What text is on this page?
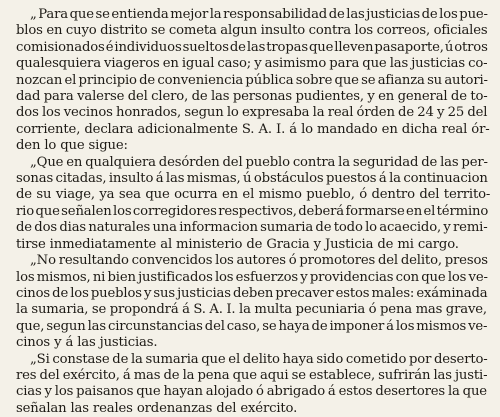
„ Para que se entienda mejor la responsabilidad de las justicias de los pue-
blos en cuyo distrito se cometa algun insulto contra los correos, oficiales
comisionados é individuos sueltos de las tropas que lleven pasaporte, ú otros
qualesquiera viageros en igual caso; y asimismo para que las justicias co-
nozcan el principio de conveniencia pública sobre que se afianza su autori-
dad para valerse del clero, de las personas pudientes, y en general de to-
dos los vecinos honrados, segun lo expresaba la real órden de 24 y 25 del
corriente, declara adicionalmente S. A. I. á lo mandado en dicha real ór-
den lo que sigue:
„Que en qualquiera desórden del pueblo contra la seguridad de las per-
sonas citadas, insulto á las mismas, ú obstáculos puestos á la continuacion
de su viage, ya sea que ocurra en el mismo pueblo, ó dentro del territo-
rio que señalen los corregidores respectivos, deberá formarse en el término
de dos dias naturales una informacion sumaria de todo lo acaecido, y remi-
tirse inmediatamente al ministerio de Gracia y Justicia de mi cargo.
„No resultando convencidos los autores ó promotores del delito, presos
los mismos, ni bien justificados los esfuerzos y providencias con que los ve-
cinos de los pueblos y sus justicias deben precaver estos males: exáminada
la sumaria, se propondrá á S. A. I. la multa pecuniaria ó pena mas grave,
que, segun las circunstancias del caso, se haya de imponer á los mismos ve-
cinos y á las justicias.
„Si constase de la sumaria que el delito haya sido cometido por deserto-
res del exército, á mas de la pena que aqui se establece, sufrirán las justi-
cias y los paisanos que hayan alojado ó abrigado á estos desertores la que
señalan las reales ordenanzas del exército.
